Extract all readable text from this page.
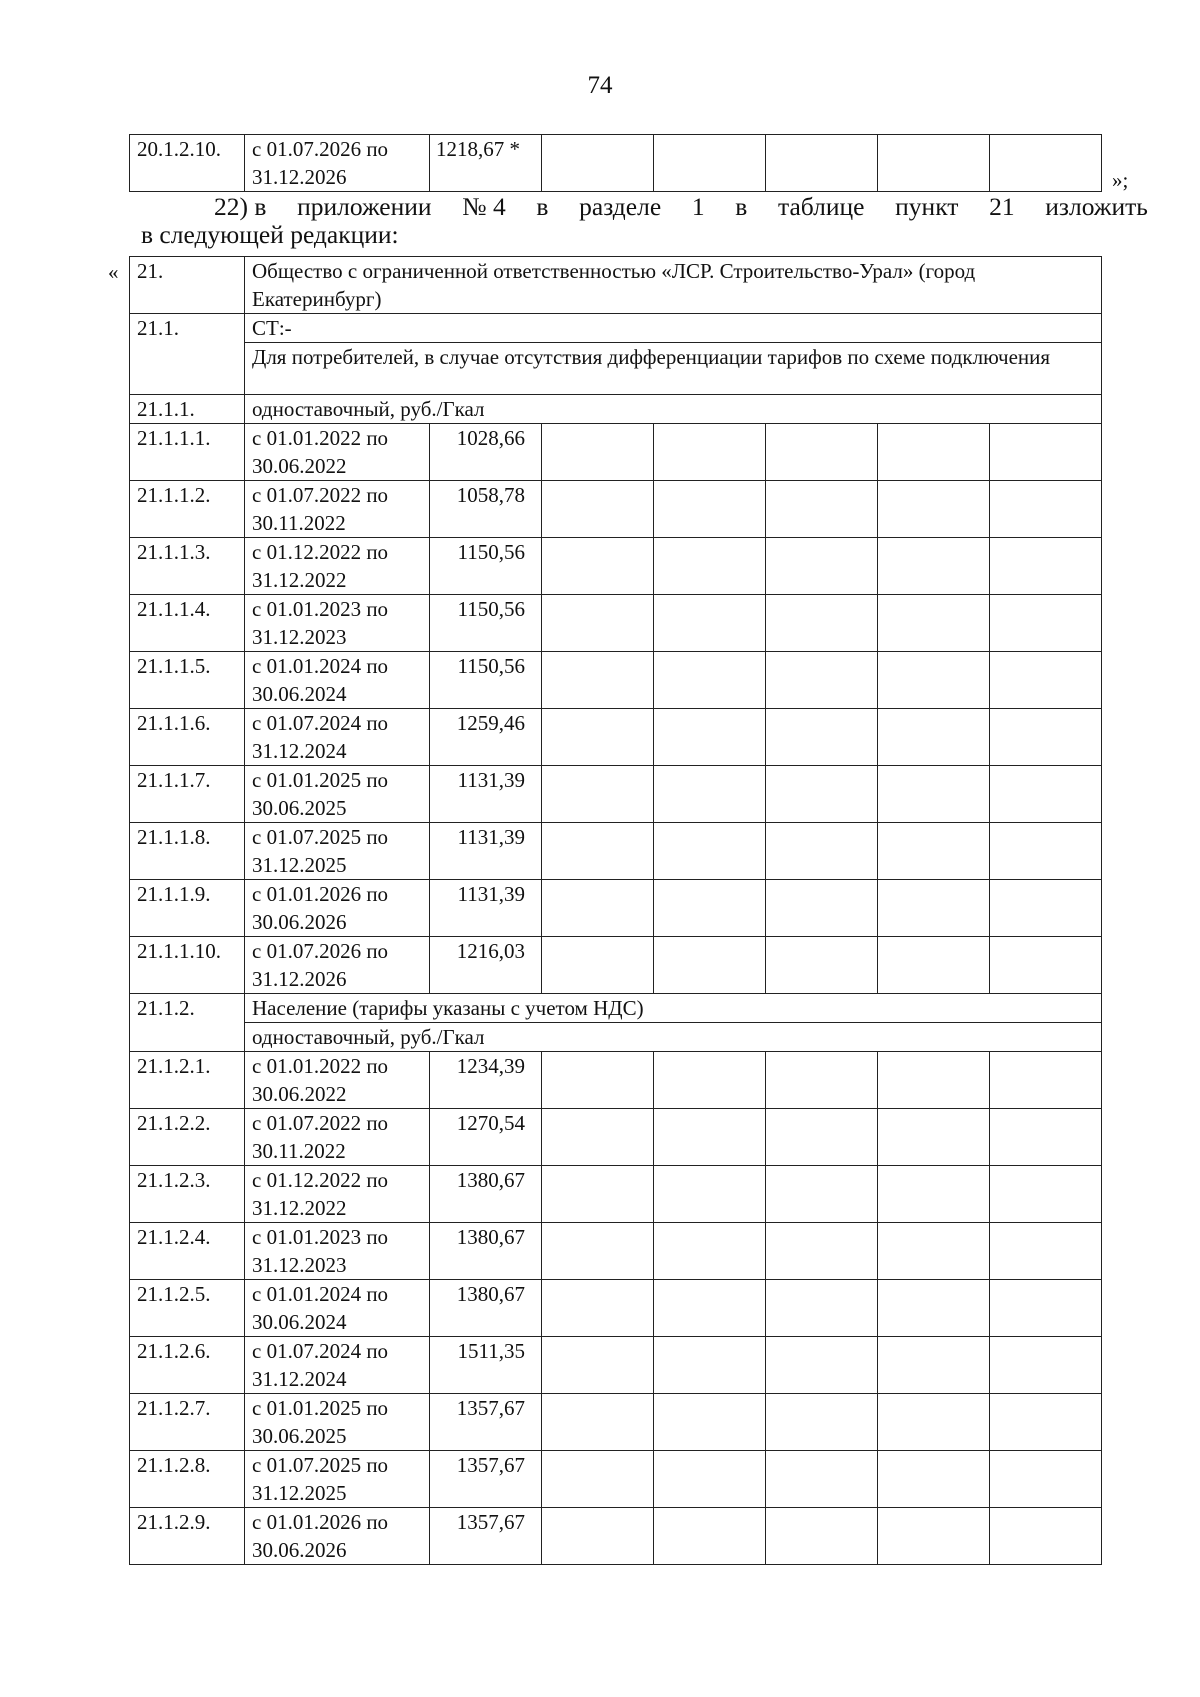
74
20.1.2.10.	с 01.07.2026 по 31.12.2026	1218,67 *					
»;
22) в приложении № 4 в разделе 1 в таблице пункт 21 изложить
в следующей редакции:
« 21.	Общество с ограниченной ответственностью «ЛСР. Строительство-Урал» (город Екатеринбург)						
21.1.	СТ:-						
	Для потребителей, в случае отсутствия дифференциации тарифов по схеме подключения						
21.1.1.	одноставочный, руб./Гкал						
21.1.1.1.	с 01.01.2022 по 30.06.2022	1028,66					
21.1.1.2.	с 01.07.2022 по 30.11.2022	1058,78					
21.1.1.3.	с 01.12.2022 по 31.12.2022	1150,56					
21.1.1.4.	с 01.01.2023 по 31.12.2023	1150,56					
21.1.1.5.	с 01.01.2024 по 30.06.2024	1150,56					
21.1.1.6.	с 01.07.2024 по 31.12.2024	1259,46					
21.1.1.7.	с 01.01.2025 по 30.06.2025	1131,39					
21.1.1.8.	с 01.07.2025 по 31.12.2025	1131,39					
21.1.1.9.	с 01.01.2026 по 30.06.2026	1131,39					
21.1.1.10.	с 01.07.2026 по 31.12.2026	1216,03					
21.1.2.	Население (тарифы указаны с учетом НДС)						
	одноставочный, руб./Гкал						
21.1.2.1.	с 01.01.2022 по 30.06.2022	1234,39					
21.1.2.2.	с 01.07.2022 по 30.11.2022	1270,54					
21.1.2.3.	с 01.12.2022 по 31.12.2022	1380,67					
21.1.2.4.	с 01.01.2023 по 31.12.2023	1380,67					
21.1.2.5.	с 01.01.2024 по 30.06.2024	1380,67					
21.1.2.6.	с 01.07.2024 по 31.12.2024	1511,35					
21.1.2.7.	с 01.01.2025 по 30.06.2025	1357,67					
21.1.2.8.	с 01.07.2025 по 31.12.2025	1357,67					
21.1.2.9.	с 01.01.2026 по 30.06.2026	1357,67					
